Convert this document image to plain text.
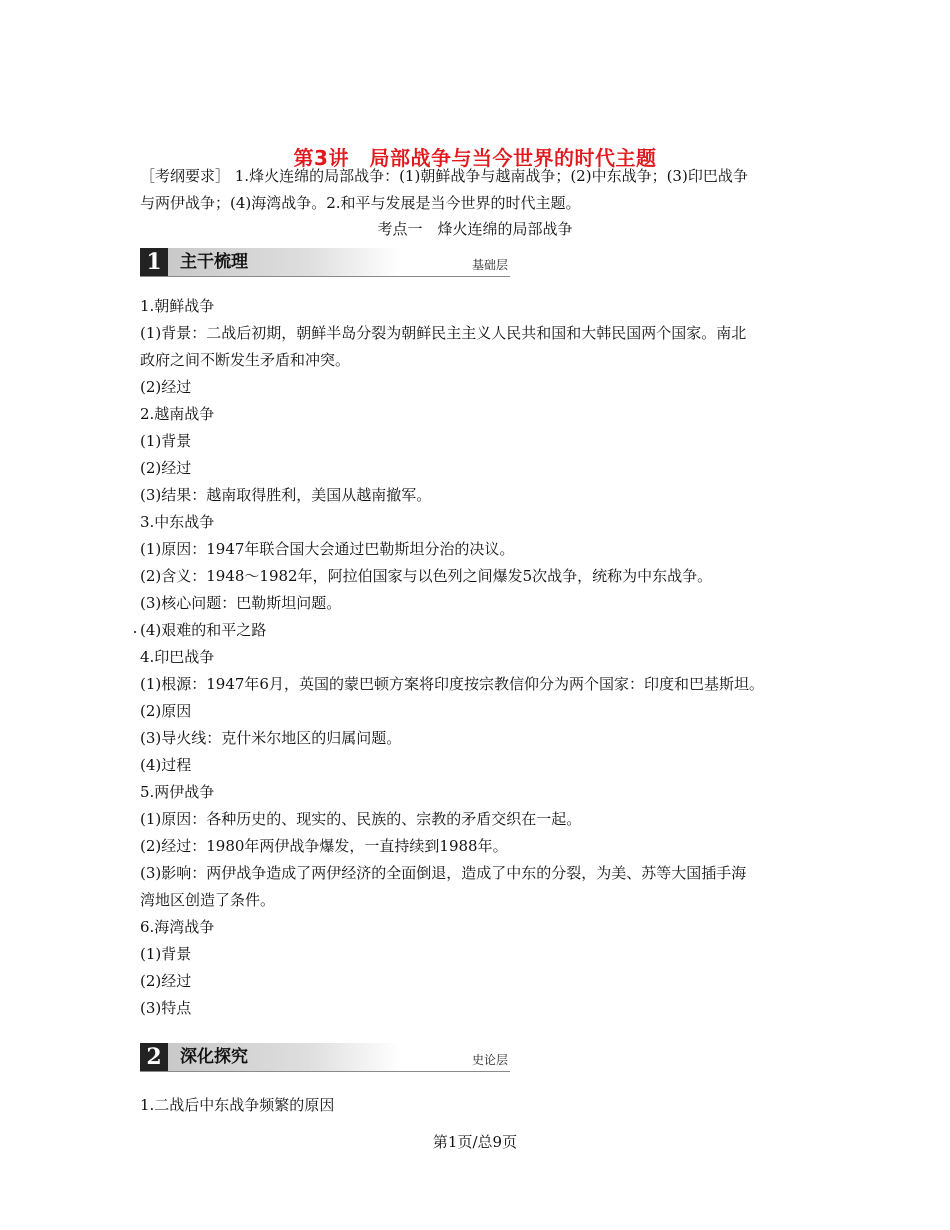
第3讲　局部战争与当今世界的时代主题
［考纲要求］ 1.烽火连绵的局部战争：(1)朝鲜战争与越南战争；(2)中东战争；(3)印巴战争
与两伊战争；(4)海湾战争。2.和平与发展是当今世界的时代主题。
考点一　烽火连绵的局部战争
1	主干梳理	基础层
1.朝鲜战争
(1)背景：二战后初期，朝鲜半岛分裂为朝鲜民主主义人民共和国和大韩民国两个国家。南北
政府之间不断发生矛盾和冲突。
(2)经过
2.越南战争
(1)背景
(2)经过
(3)结果：越南取得胜利，美国从越南撤军。
3.中东战争
(1)原因：1947年联合国大会通过巴勒斯坦分治的决议。
(2)含义：1948～1982年，阿拉伯国家与以色列之间爆发5次战争，统称为中东战争。
(3)核心问题：巴勒斯坦问题。
(4)艰难的和平之路
4.印巴战争
(1)根源：1947年6月，英国的蒙巴顿方案将印度按宗教信仰分为两个国家：印度和巴基斯坦。
(2)原因
(3)导火线：克什米尔地区的归属问题。
(4)过程
5.两伊战争
(1)原因：各种历史的、现实的、民族的、宗教的矛盾交织在一起。
(2)经过：1980年两伊战争爆发，一直持续到1988年。
(3)影响：两伊战争造成了两伊经济的全面倒退，造成了中东的分裂，为美、苏等大国插手海
湾地区创造了条件。
6.海湾战争
(1)背景
(2)经过
(3)特点
2	深化探究	史论层
1.二战后中东战争频繁的原因
第1页/总9页
